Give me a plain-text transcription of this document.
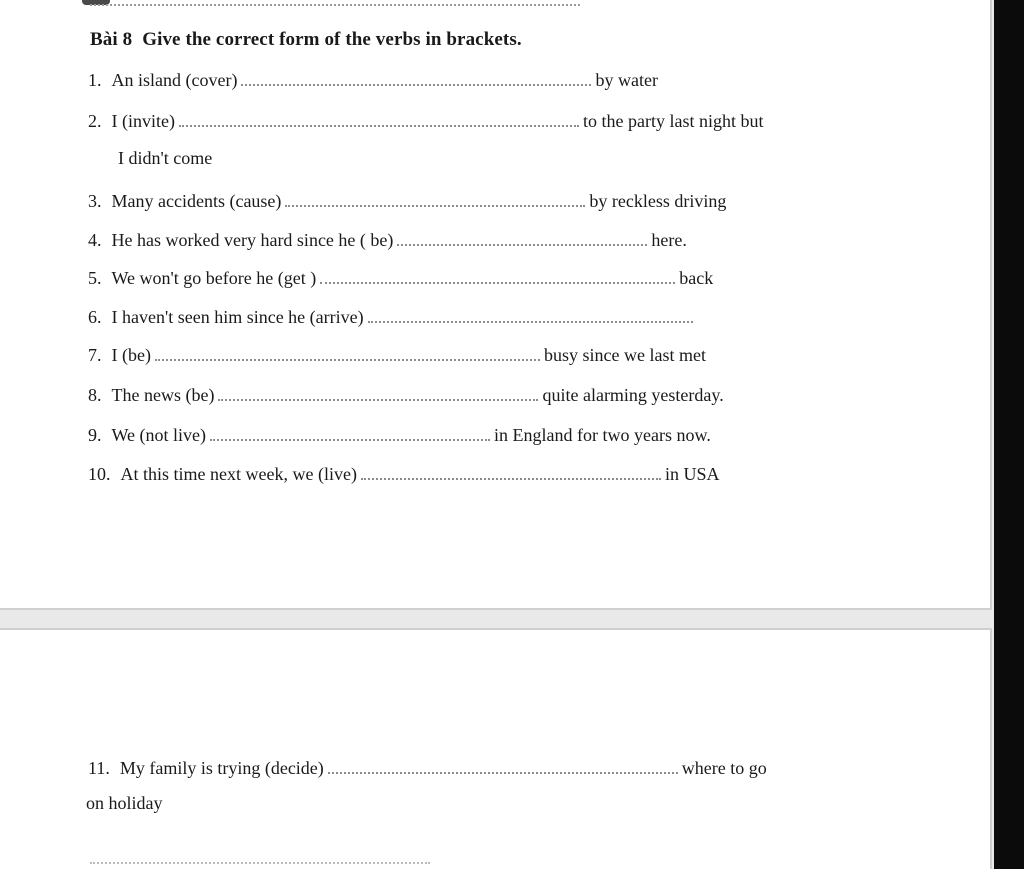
Bài 8 Give the correct form of the verbs in brackets.
1. An island (cover)	by water
2. I (invite)	to the party last night but
I didn't come
3. Many accidents (cause)	by reckless driving
4. He has worked very hard since he ( be)	here.
5. We won't go before he (get )	back
6. I haven't seen him since he (arrive)
7. I (be)	busy since we last met
8. The news (be)	quite alarming yesterday.
9. We (not live)	in England for two years now.
10. At this time next week, we (live)	in USA
11. My family is trying (decide)	where to go
on holiday
